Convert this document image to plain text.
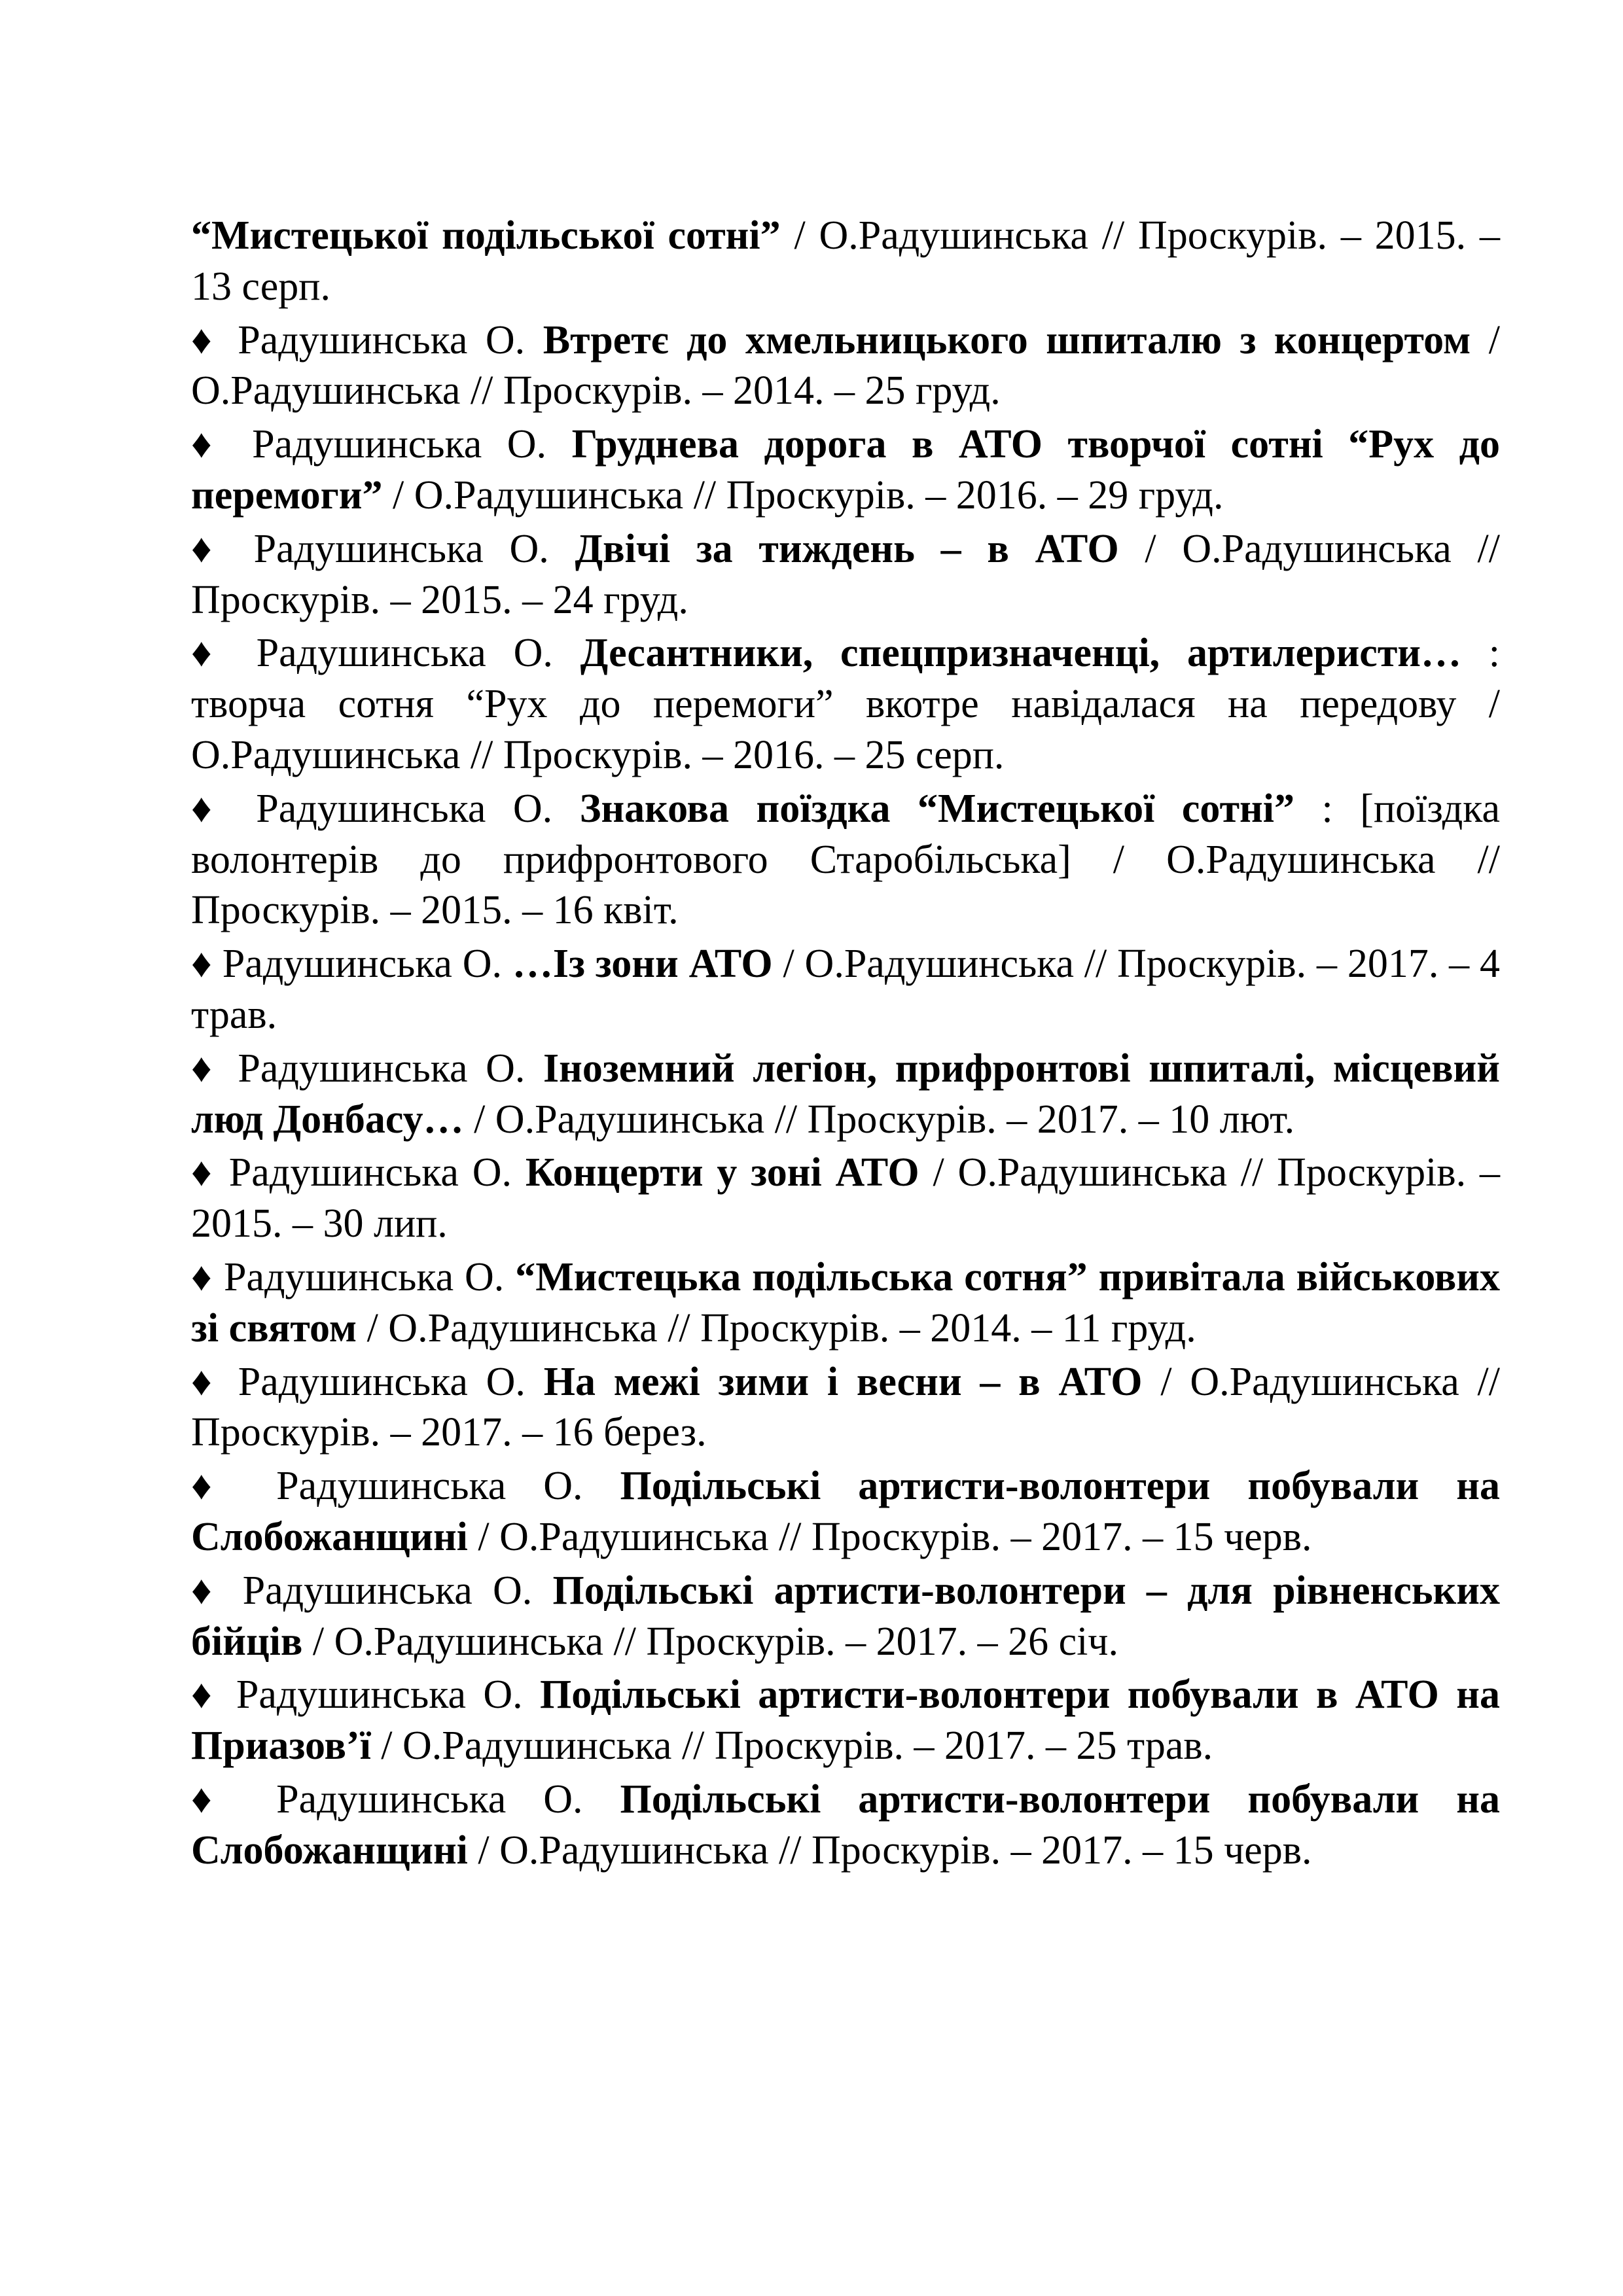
“Мистецької подільської сотні” / О.Радушинська // Проскурів. – 2015. – 13 серп.

♦ Радушинська О. Втретє до хмельницького шпиталю з концертом / О.Радушинська // Проскурів. – 2014. – 25 груд.

♦ Радушинська О. Груднева дорога в АТО творчої сотні “Рух до перемоги” / О.Радушинська // Проскурів. – 2016. – 29 груд.

♦ Радушинська О. Двічі за тиждень – в АТО / О.Радушинська // Проскурів. – 2015. – 24 груд.

♦ Радушинська О. Десантники, спецпризначенці, артилеристи… : творча сотня “Рух до перемоги” вкотре навідалася на передову / О.Радушинська // Проскурів. – 2016. – 25 серп.

♦ Радушинська О. Знакова поїздка “Мистецької сотні” : [поїздка волонтерів до прифронтового Старобільська] / О.Радушинська // Проскурів. – 2015. – 16 квіт.

♦ Радушинська О. …Із зони АТО / О.Радушинська // Проскурів. – 2017. – 4 трав.

♦ Радушинська О. Іноземний легіон, прифронтові шпиталі, місцевий люд Донбасу… / О.Радушинська // Проскурів. – 2017. – 10 лют.

♦ Радушинська О. Концерти у зоні АТО / О.Радушинська // Проскурів. – 2015. – 30 лип.

♦ Радушинська О. “Мистецька подільська сотня” привітала військових зі святом / О.Радушинська // Проскурів. – 2014. – 11 груд.

♦ Радушинська О. На межі зими і весни – в АТО / О.Радушинська // Проскурів. – 2017. – 16 берез.

♦ Радушинська О. Подільські артисти-волонтери побували на Слобожанщині / О.Радушинська // Проскурів. – 2017. – 15 черв.

♦ Радушинська О. Подільські артисти-волонтери – для рівненських бійців / О.Радушинська // Проскурів. – 2017. – 26 січ.

♦ Радушинська О. Подільські артисти-волонтери побували в АТО на Приазов’ї / О.Радушинська // Проскурів. – 2017. – 25 трав.

♦ Радушинська О. Подільські артисти-волонтери побували на Слобожанщині / О.Радушинська // Проскурів. – 2017. – 15 черв.
